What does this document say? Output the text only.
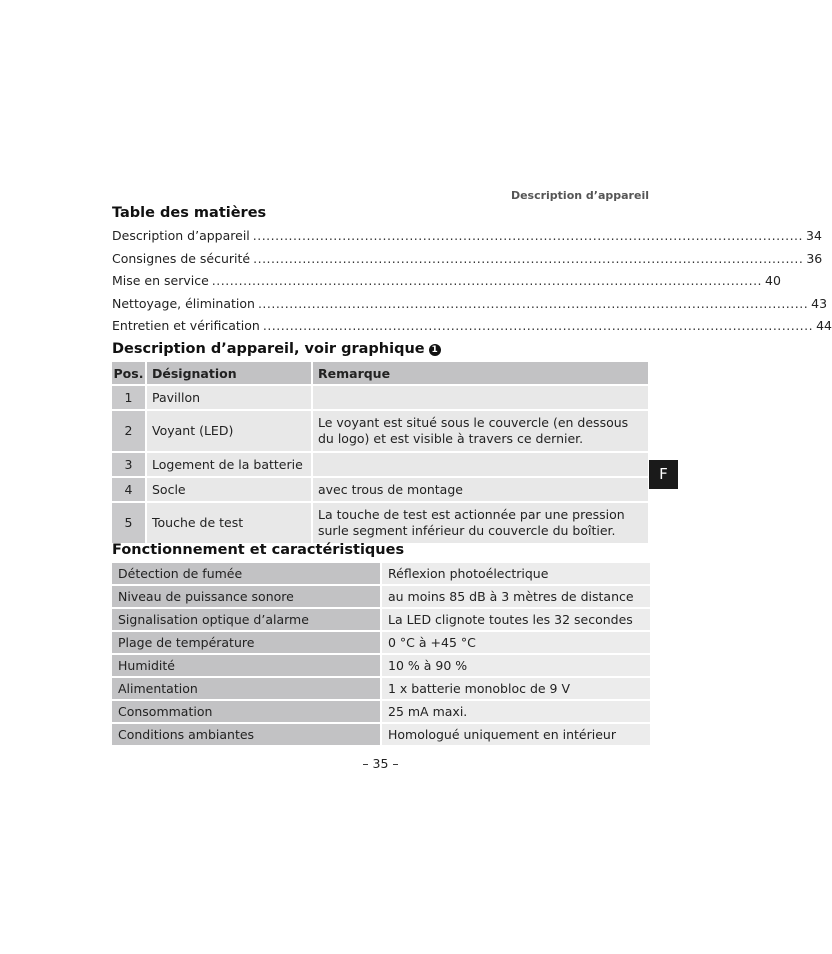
Description d’appareil
Table des matières
Description d’appareil ........................................................................................................................... 34
Consignes de sécurité ........................................................................................................................... 36
Mise en service ........................................................................................................................... 40
Nettoyage, élimination ........................................................................................................................... 43
Entretien et vérification ........................................................................................................................... 44
Description d’appareil, voir graphique 1
Pos.	Désignation	Remarque
1	Pavillon	
2	Voyant (LED)	Le voyant est situé sous le couvercle (en dessous du logo) et est visible à travers ce dernier.
3	Logement de la batterie	
4	Socle	avec trous de montage
5	Touche de test	La touche de test est actionnée par une pression surle segment inférieur du couvercle du boîtier.
F
Fonctionnement et caractéristiques
Détection de fumée	Réflexion photoélectrique
Niveau de puissance sonore	au moins 85 dB à 3 mètres de distance
Signalisation optique d’alarme	La LED clignote toutes les 32 secondes
Plage de température	0 °C à +45 °C
Humidité	10 % à 90 %
Alimentation	1 x batterie monobloc de 9 V
Consommation	25 mA maxi.
Conditions ambiantes	Homologué uniquement en intérieur
– 35 –
